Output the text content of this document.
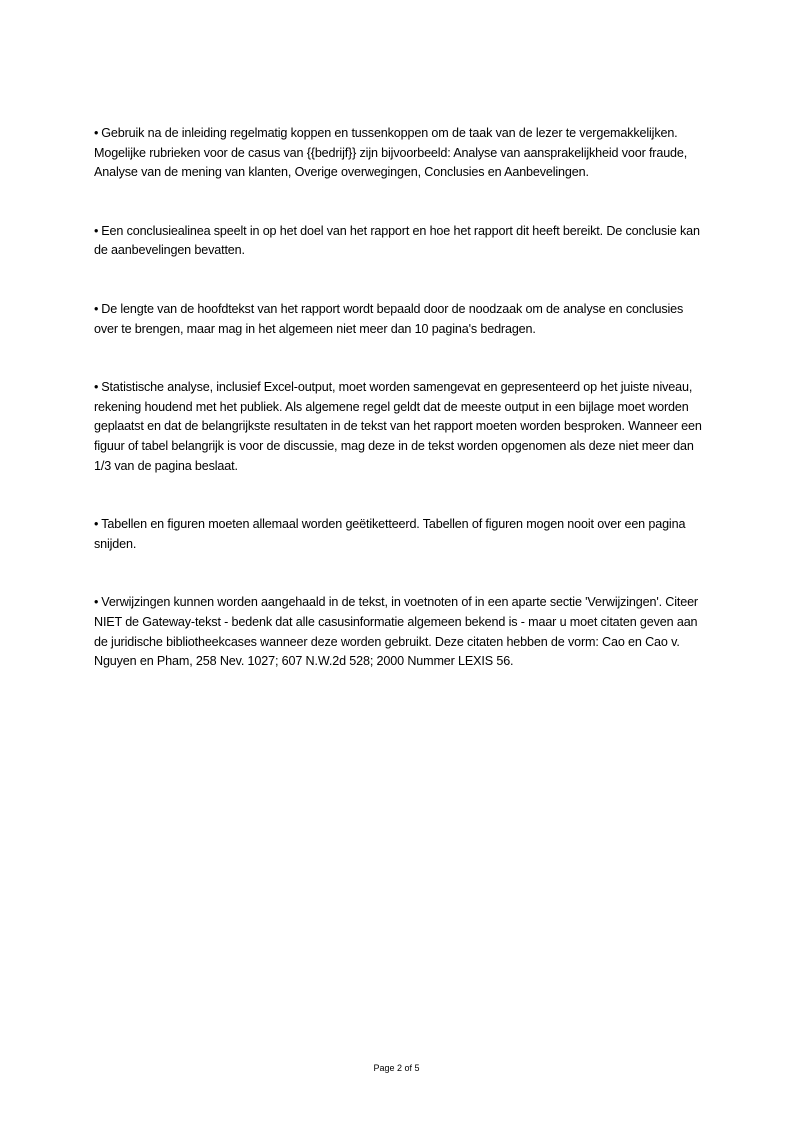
• Gebruik na de inleiding regelmatig koppen en tussenkoppen om de taak van de lezer te vergemakkelijken. Mogelijke rubrieken voor de casus van {{bedrijf}} zijn bijvoorbeeld: Analyse van aansprakelijkheid voor fraude, Analyse van de mening van klanten, Overige overwegingen, Conclusies en Aanbevelingen.

• Een conclusiealinea speelt in op het doel van het rapport en hoe het rapport dit heeft bereikt. De conclusie kan de aanbevelingen bevatten.

• De lengte van de hoofdtekst van het rapport wordt bepaald door de noodzaak om de analyse en conclusies over te brengen, maar mag in het algemeen niet meer dan 10 pagina's bedragen.

• Statistische analyse, inclusief Excel-output, moet worden samengevat en gepresenteerd op het juiste niveau, rekening houdend met het publiek. Als algemene regel geldt dat de meeste output in een bijlage moet worden geplaatst en dat de belangrijkste resultaten in de tekst van het rapport moeten worden besproken. Wanneer een figuur of tabel belangrijk is voor de discussie, mag deze in de tekst worden opgenomen als deze niet meer dan 1/3 van de pagina beslaat.

• Tabellen en figuren moeten allemaal worden geëtiketteerd. Tabellen of figuren mogen nooit over een pagina snijden.

• Verwijzingen kunnen worden aangehaald in de tekst, in voetnoten of in een aparte sectie 'Verwijzingen'. Citeer NIET de Gateway-tekst - bedenk dat alle casusinformatie algemeen bekend is - maar u moet citaten geven aan de juridische bibliotheekcases wanneer deze worden gebruikt. Deze citaten hebben de vorm: Cao en Cao v. Nguyen en Pham, 258 Nev. 1027; 607 N.W.2d 528; 2000 Nummer LEXIS 56.

Page 2 of 5
